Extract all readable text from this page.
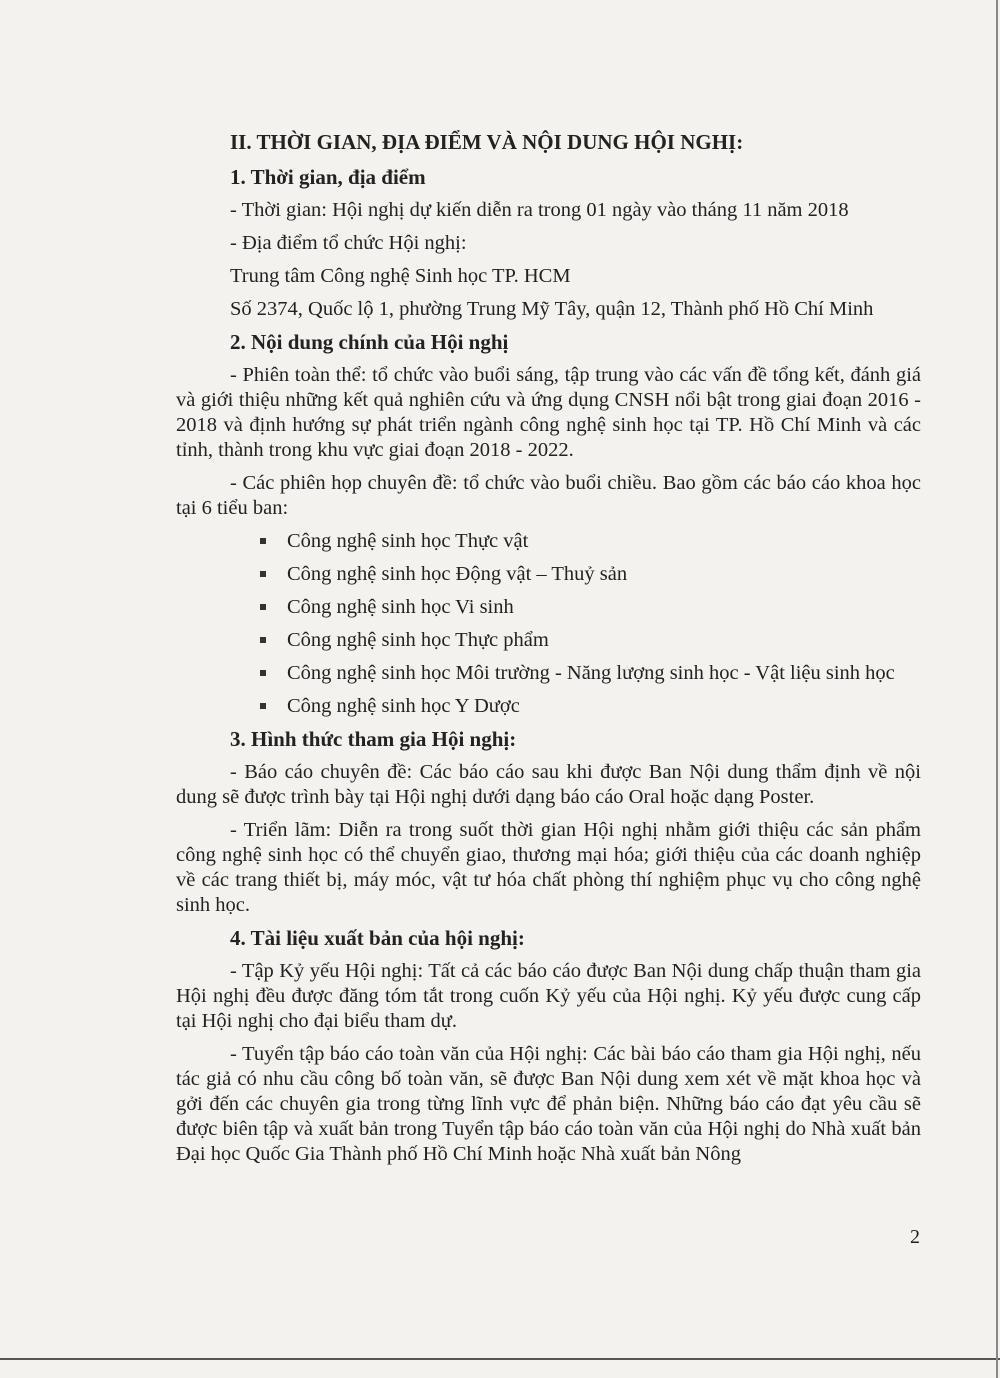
II. THỜI GIAN, ĐỊA ĐIỂM VÀ NỘI DUNG HỘI NGHỊ:
1. Thời gian, địa điểm
- Thời gian: Hội nghị dự kiến diễn ra trong 01 ngày vào tháng 11 năm 2018
- Địa điểm tổ chức Hội nghị:
Trung tâm Công nghệ Sinh học TP. HCM
Số 2374, Quốc lộ 1, phường Trung Mỹ Tây, quận 12, Thành phố Hồ Chí Minh
2. Nội dung chính của Hội nghị
- Phiên toàn thể: tổ chức vào buổi sáng, tập trung vào các vấn đề tổng kết, đánh giá và giới thiệu những kết quả nghiên cứu và ứng dụng CNSH nổi bật trong giai đoạn 2016 - 2018 và định hướng sự phát triển ngành công nghệ sinh học tại TP. Hồ Chí Minh và các tỉnh, thành trong khu vực giai đoạn 2018 - 2022.
- Các phiên họp chuyên đề: tổ chức vào buổi chiều. Bao gồm các báo cáo khoa học tại 6 tiểu ban:
Công nghệ sinh học Thực vật
Công nghệ sinh học Động vật – Thuỷ sản
Công nghệ sinh học Vi sinh
Công nghệ sinh học Thực phẩm
Công nghệ sinh học Môi trường - Năng lượng sinh học - Vật liệu sinh học
Công nghệ sinh học Y Dược
3. Hình thức tham gia Hội nghị:
- Báo cáo chuyên đề: Các báo cáo sau khi được Ban Nội dung thẩm định về nội dung sẽ được trình bày tại Hội nghị dưới dạng báo cáo Oral hoặc dạng Poster.
- Triển lãm: Diễn ra trong suốt thời gian Hội nghị nhằm giới thiệu các sản phẩm công nghệ sinh học có thể chuyển giao, thương mại hóa; giới thiệu của các doanh nghiệp về các trang thiết bị, máy móc, vật tư hóa chất phòng thí nghiệm phục vụ cho công nghệ sinh học.
4. Tài liệu xuất bản của hội nghị:
- Tập Kỷ yếu Hội nghị: Tất cả các báo cáo được Ban Nội dung chấp thuận tham gia Hội nghị đều được đăng tóm tắt trong cuốn Kỷ yếu của Hội nghị. Kỷ yếu được cung cấp tại Hội nghị cho đại biểu tham dự.
- Tuyển tập báo cáo toàn văn của Hội nghị: Các bài báo cáo tham gia Hội nghị, nếu tác giả có nhu cầu công bố toàn văn, sẽ được Ban Nội dung xem xét về mặt khoa học và gởi đến các chuyên gia trong từng lĩnh vực để phản biện. Những báo cáo đạt yêu cầu sẽ được biên tập và xuất bản trong Tuyển tập báo cáo toàn văn của Hội nghị do Nhà xuất bản Đại học Quốc Gia Thành phố Hồ Chí Minh hoặc Nhà xuất bản Nông
2
